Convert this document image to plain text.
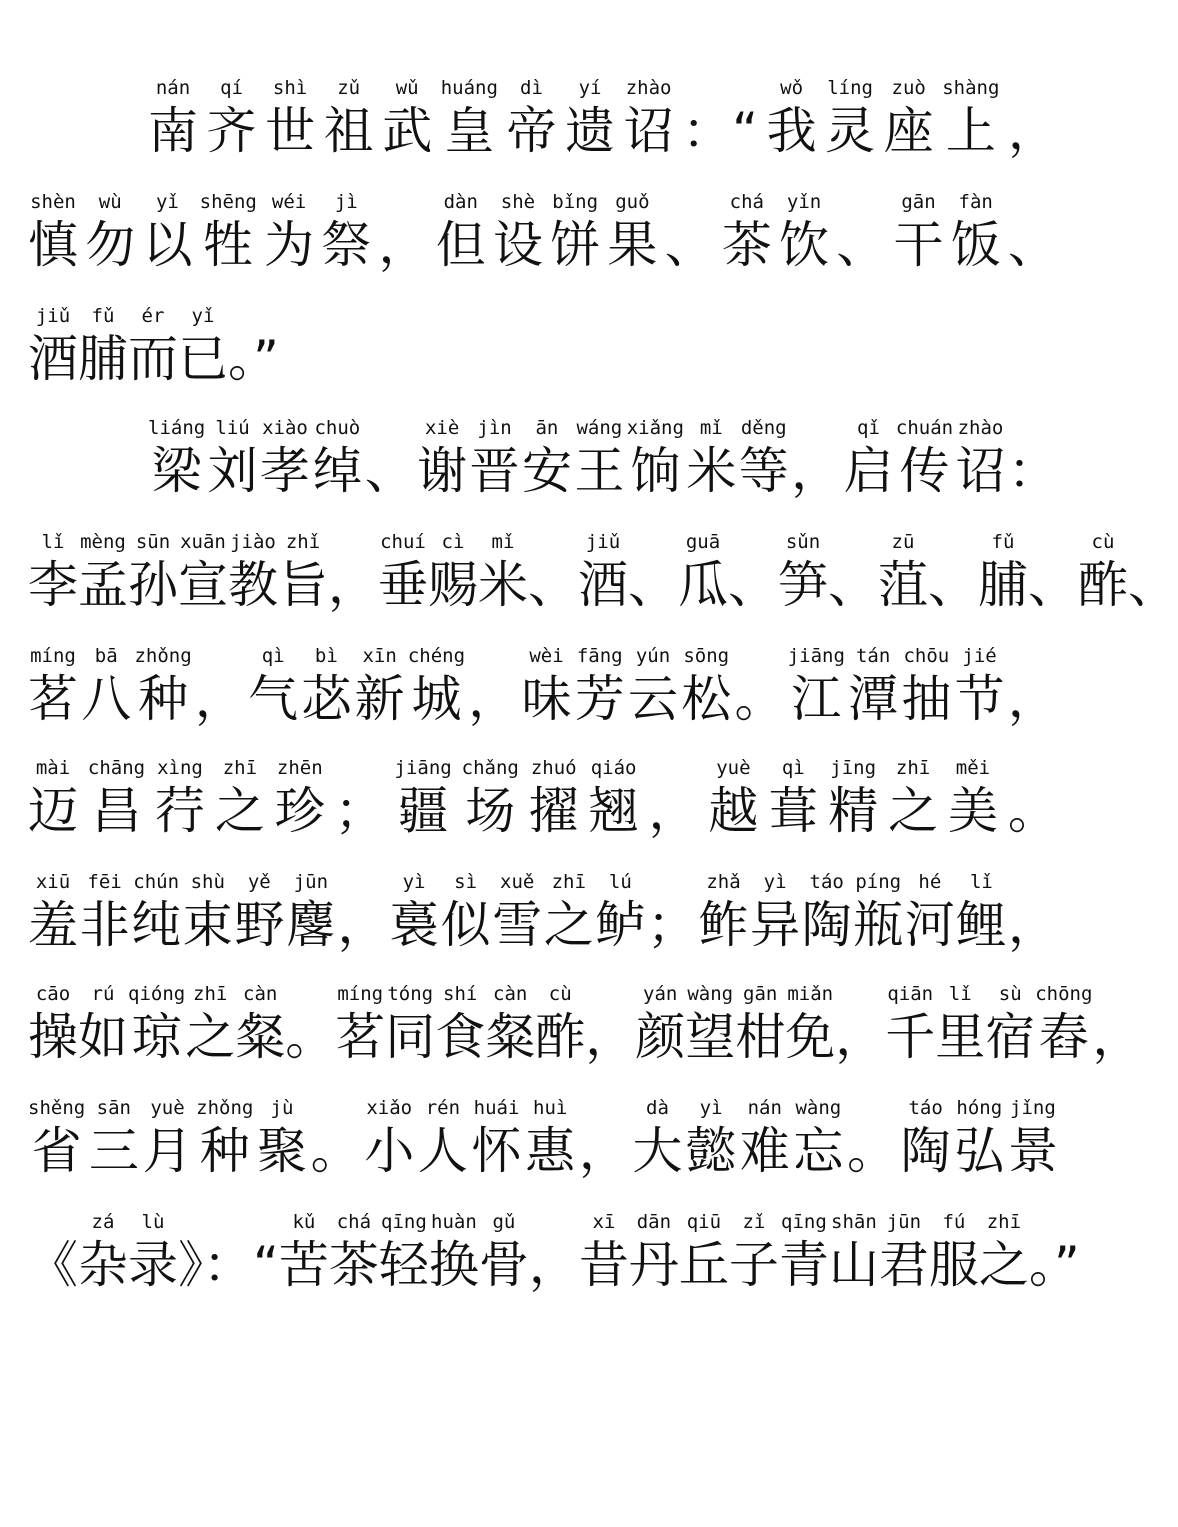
nán
南
qí
齐
shì
世
zǔ
祖
wǔ
武
huáng
皇
dì
帝
yí
遗
zhào
诏 ：“
wǒ
我
líng
灵
zuò
座
shàng
上 ，
shèn
慎
wù
勿
yǐ
以
shēng
牲
wéi
为
jì
祭 ，
dàn
但
shè
设
bǐng
饼
guǒ
果 、
chá
茶
yǐn
饮 、
gān
干
fàn
饭 、
jiǔ
酒
fǔ
脯
ér
而
yǐ
已 。”
liáng
梁
liú
刘
xiào
孝
chuò
绰 、
xiè
谢
jìn
晋
ān
安
wáng
王
xiǎng
饷
mǐ
米
děng
等 ，
qǐ
启
chuán
传
zhào
诏 ：
lǐ
李
mèng
孟
sūn
孙
xuān
宣
jiào
教
zhǐ
旨 ，
chuí
垂
cì
赐
mǐ
米 、
jiǔ
酒 、
guā
瓜 、
sǔn
笋 、
zū
菹 、
fǔ
脯 、
cù
酢 、
míng
茗
bā
八
zhǒng
种 ，
qì
气
bì
苾
xīn
新
chéng
城 ，
wèi
味
fāng
芳
yún
云
sōng
松 。
jiāng
江
tán
潭
chōu
抽
jié
节 ，
mài
迈
chāng
昌
xìng
荇
zhī
之
zhēn
珍 ；
jiāng
疆
chǎng
场
zhuó
擢
qiáo
翘 ，
yuè
越
qì
葺
jīng
精
zhī
之
měi
美 。
xiū
羞
fēi
非
chún
纯
shù
束
yě
野
jūn
麐 ，
yì
裛
sì
似
xuě
雪
zhī
之
lú
鲈 ；
zhǎ
鲊
yì
异
táo
陶
píng
瓶
hé
河
lǐ
鲤 ，
cāo
操
rú
如
qióng
琼
zhī
之
càn
粲 。
míng
茗
tóng
同
shí
食
càn
粲
cù
酢 ，
yán
颜
wàng
望
gān
柑
miǎn
免 ，
qiān
千
lǐ
里
sù
宿
chōng
舂 ，
shěng
省
sān
三
yuè
月
zhǒng
种
jù
聚 。
xiǎo
小
rén
人
huái
怀
huì
惠 ，
dà
大
yì
懿
nán
难
wàng
忘 。
táo
陶
hóng
弘
jǐng
景
《
zá
杂
lù
录 》： “
kǔ
苦
chá
茶
qīng
轻
huàn
换
gǔ
骨 ，
xī
昔
dān
丹
qiū
丘
zǐ
子
qīng
青
shān
山
jūn
君
fú
服
zhī
之 。”
